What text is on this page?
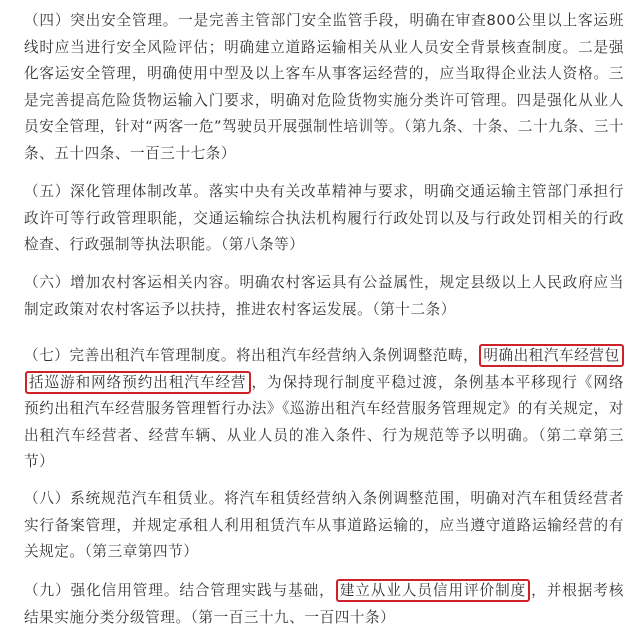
（四）突出安全管理。一是完善主管部门安全监管手段，明确在审查800公里以上客运班线时应当进行安全风险评估；明确建立道路运输相关从业人员安全背景核查制度。二是强化客运安全管理，明确使用中型及以上客车从事客运经营的，应当取得企业法人资格。三是完善提高危险货物运输入门要求，明确对危险货物实施分类许可管理。四是强化从业人员安全管理，针对“两客一危”驾驶员开展强制性培训等。（第九条、十条、二十九条、三十条、五十四条、一百三十七条）

（五）深化管理体制改革。落实中央有关改革精神与要求，明确交通运输主管部门承担行政许可等行政管理职能，交通运输综合执法机构履行行政处罚以及与行政处罚相关的行政检查、行政强制等执法职能。（第八条等）

（六）增加农村客运相关内容。明确农村客运具有公益属性，规定县级以上人民政府应当制定政策对农村客运予以扶持，推进农村客运发展。（第十二条）

（七）完善出租汽车管理制度。将出租汽车经营纳入条例调整范畴， 明确出租汽车经营包括巡游和网络预约出租汽车经营 ，为保持现行制度平稳过渡，条例基本平移现行《网络预约出租汽车经营服务管理暂行办法》《巡游出租汽车经营服务管理规定》的有关规定，对出租汽车经营者、经营车辆、从业人员的准入条件、行为规范等予以明确。（第二章第三节）

（八）系统规范汽车租赁业。将汽车租赁经营纳入条例调整范围，明确对汽车租赁经营者实行备案管理，并规定承租人利用租赁汽车从事道路运输的，应当遵守道路运输经营的有关规定。（第三章第四节）

（九）强化信用管理。结合管理实践与基础， 建立从业人员信用评价制度 ，并根据考核结果实施分类分级管理。（第一百三十九、一百四十条）
